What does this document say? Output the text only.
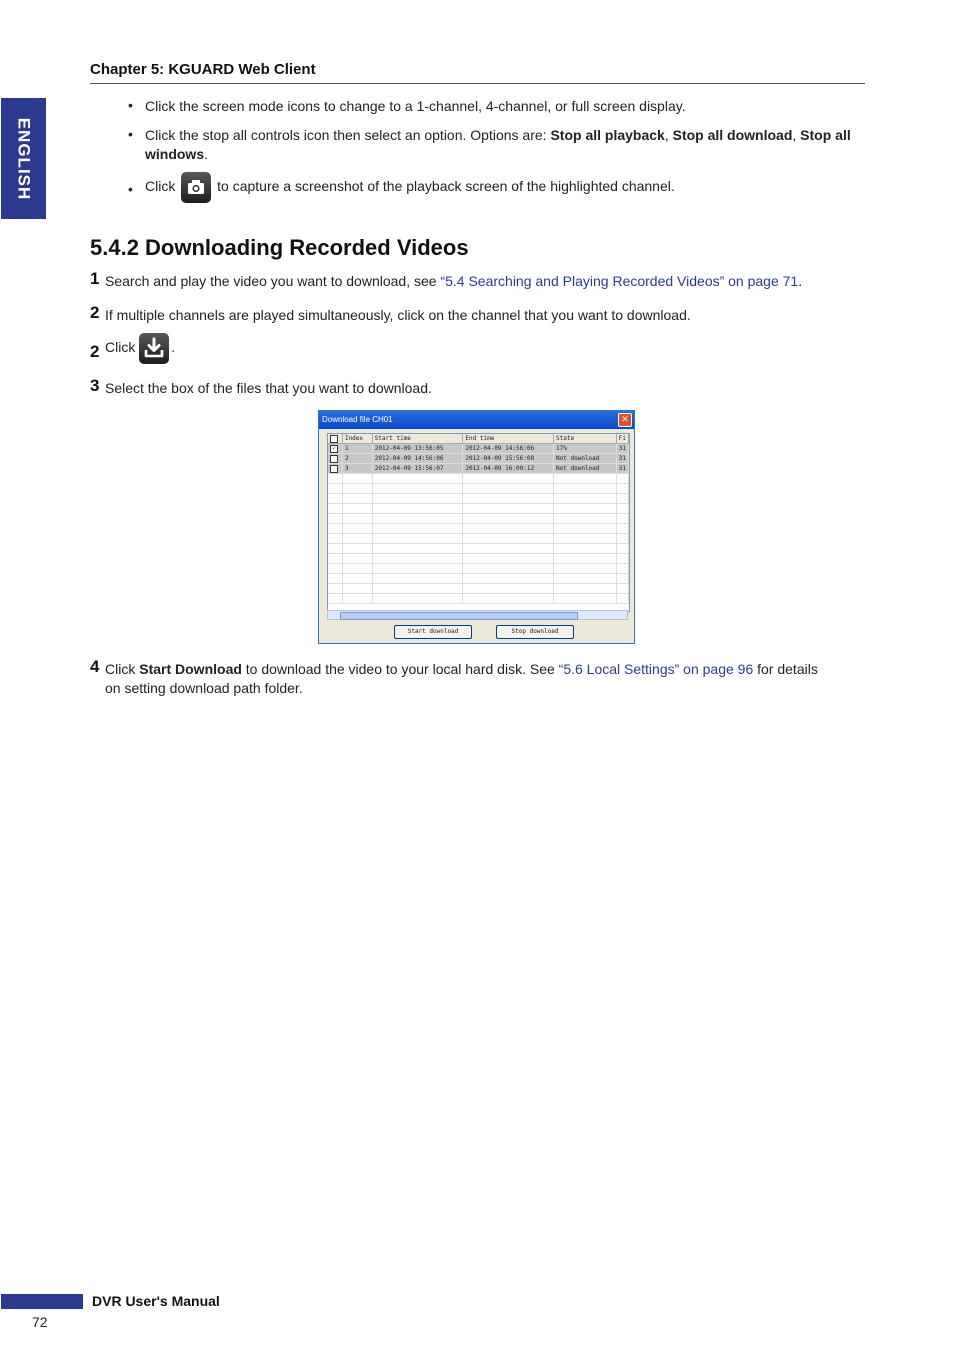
Chapter 5: KGUARD Web Client
ENGLISH
• Click the screen mode icons to change to a 1-channel, 4-channel, or full screen display.
• Click the stop all controls icon then select an option. Options are: Stop all playback, Stop all download, Stop all windows.
• Click	to capture a screenshot of the playback screen of the highlighted channel.
5.4.2 Downloading Recorded Videos
1 Search and play the video you want to download, see “5.4 Searching and Playing Recorded Videos” on page 71.
2 If multiple channels are played simultaneously, click on the channel that you want to download.
2 Click	.
3 Select the box of the files that you want to download.
Download file CH01	✕
	Index	Start time	End time	State	Fi
✓	1	2012-04-09 13:56:05	2012-04-09 14:56:06	17%	31
	2	2012-04-09 14:56:06	2012-04-09 15:56:08	Not download	31
	3	2012-04-09 15:56:07	2012-04-09 16:00:12	Not download	31

Start download	Stop download
4 Click Start Download to download the video to your local hard disk. See “5.6 Local Settings” on page 96 for details
on setting download path folder.
DVR User's Manual
72
